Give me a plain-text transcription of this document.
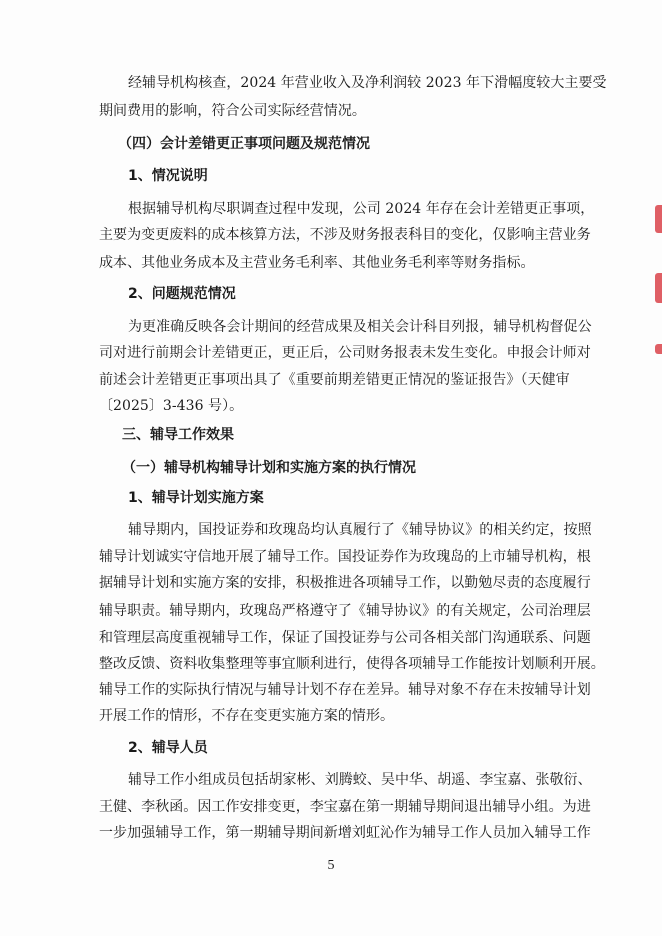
经辅导机构核查，2024 年营业收入及净利润较 2023 年下滑幅度较大主要受
期间费用的影响，符合公司实际经营情况。
（四）会计差错更正事项问题及规范情况
1、情况说明
根据辅导机构尽职调查过程中发现，公司 2024 年存在会计差错更正事项，
主要为变更废料的成本核算方法，不涉及财务报表科目的变化，仅影响主营业务
成本、其他业务成本及主营业务毛利率、其他业务毛利率等财务指标。
2、问题规范情况
为更准确反映各会计期间的经营成果及相关会计科目列报，辅导机构督促公
司对进行前期会计差错更正，更正后，公司财务报表未发生变化。申报会计师对
前述会计差错更正事项出具了《重要前期差错更正情况的鉴证报告》（天健审
〔2025〕3-436 号）。
三、辅导工作效果
（一）辅导机构辅导计划和实施方案的执行情况
1、辅导计划实施方案
辅导期内，国投证券和玫瑰岛均认真履行了《辅导协议》的相关约定，按照
辅导计划诚实守信地开展了辅导工作。国投证券作为玫瑰岛的上市辅导机构，根
据辅导计划和实施方案的安排，积极推进各项辅导工作，以勤勉尽责的态度履行
辅导职责。辅导期内，玫瑰岛严格遵守了《辅导协议》的有关规定，公司治理层
和管理层高度重视辅导工作，保证了国投证券与公司各相关部门沟通联系、问题
整改反馈、资料收集整理等事宜顺利进行，使得各项辅导工作能按计划顺利开展。
辅导工作的实际执行情况与辅导计划不存在差异。辅导对象不存在未按辅导计划
开展工作的情形，不存在变更实施方案的情形。
2、辅导人员
辅导工作小组成员包括胡家彬、刘腾蛟、吴中华、胡遥、李宝嘉、张敬衍、
王健、李秋函。因工作安排变更，李宝嘉在第一期辅导期间退出辅导小组。为进
一步加强辅导工作，第一期辅导期间新增刘虹沁作为辅导工作人员加入辅导工作
5
